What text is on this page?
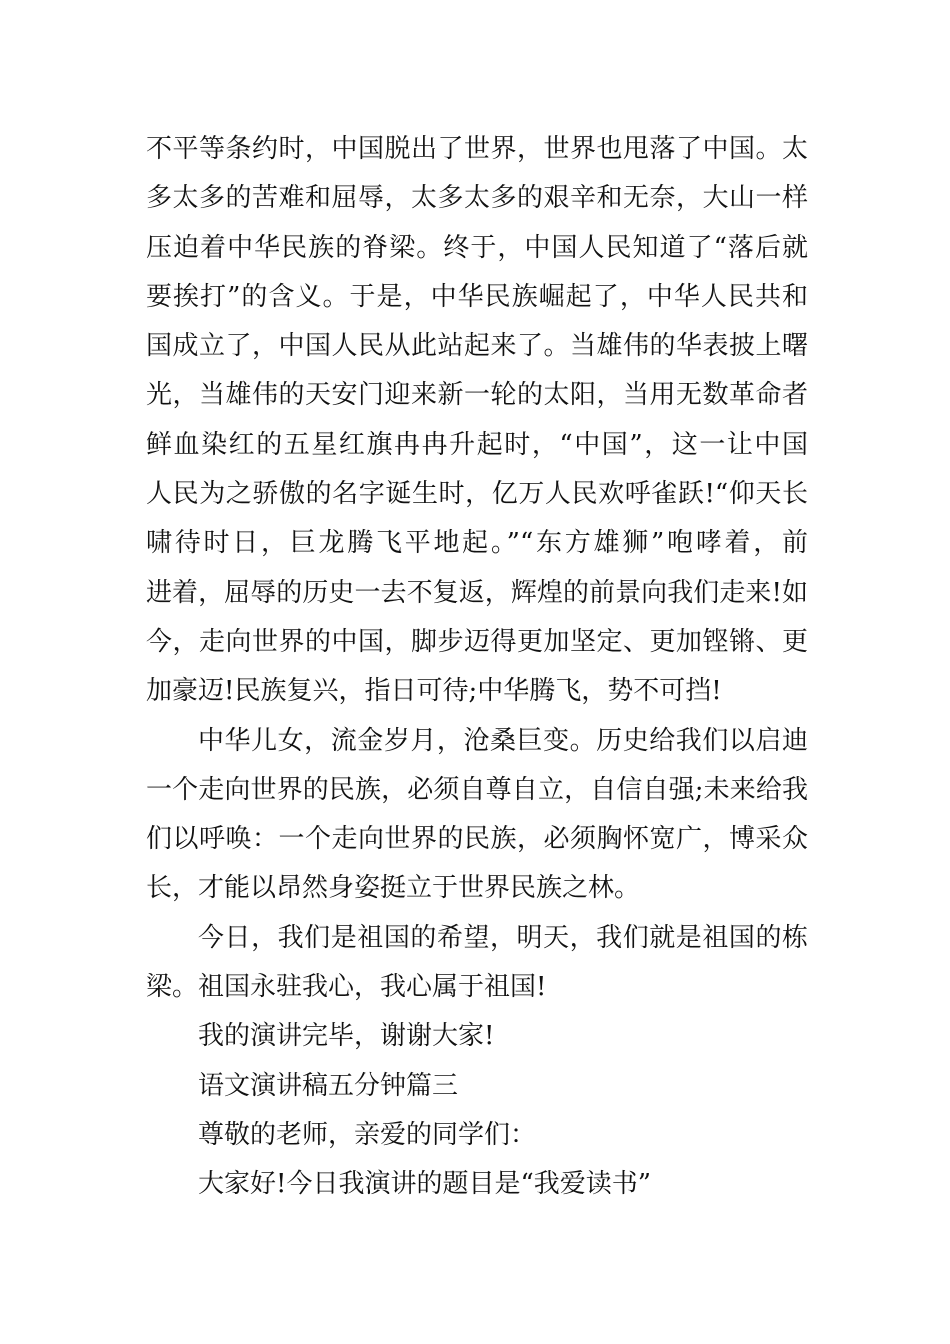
不平等条约时，中国脱出了世界，世界也甩落了中国。太
多太多的苦难和屈辱，太多太多的艰辛和无奈，大山一样
压迫着中华民族的脊梁。终于，中国人民知道了“落后就
要挨打”的含义。于是，中华民族崛起了，中华人民共和
国成立了，中国人民从此站起来了。当雄伟的华表披上曙
光，当雄伟的天安门迎来新一轮的太阳，当用无数革命者
鲜血染红的五星红旗冉冉升起时，“中国”，这一让中国
人民为之骄傲的名字诞生时，亿万人民欢呼雀跃!“仰天长
啸待时日，巨龙腾飞平地起。”“东方雄狮”咆哮着，前
进着，屈辱的历史一去不复返，辉煌的前景向我们走来!如
今，走向世界的中国，脚步迈得更加坚定、更加铿锵、更
加豪迈!民族复兴，指日可待;中华腾飞，势不可挡!
中华儿女，流金岁月，沧桑巨变。历史给我们以启迪
一个走向世界的民族，必须自尊自立，自信自强;未来给我
们以呼唤：一个走向世界的民族，必须胸怀宽广，博采众
长，才能以昂然身姿挺立于世界民族之林。
今日，我们是祖国的希望，明天，我们就是祖国的栋
梁。祖国永驻我心，我心属于祖国!
我的演讲完毕，谢谢大家!
语文演讲稿五分钟篇三
尊敬的老师，亲爱的同学们：
大家好!今日我演讲的题目是“我爱读书”
